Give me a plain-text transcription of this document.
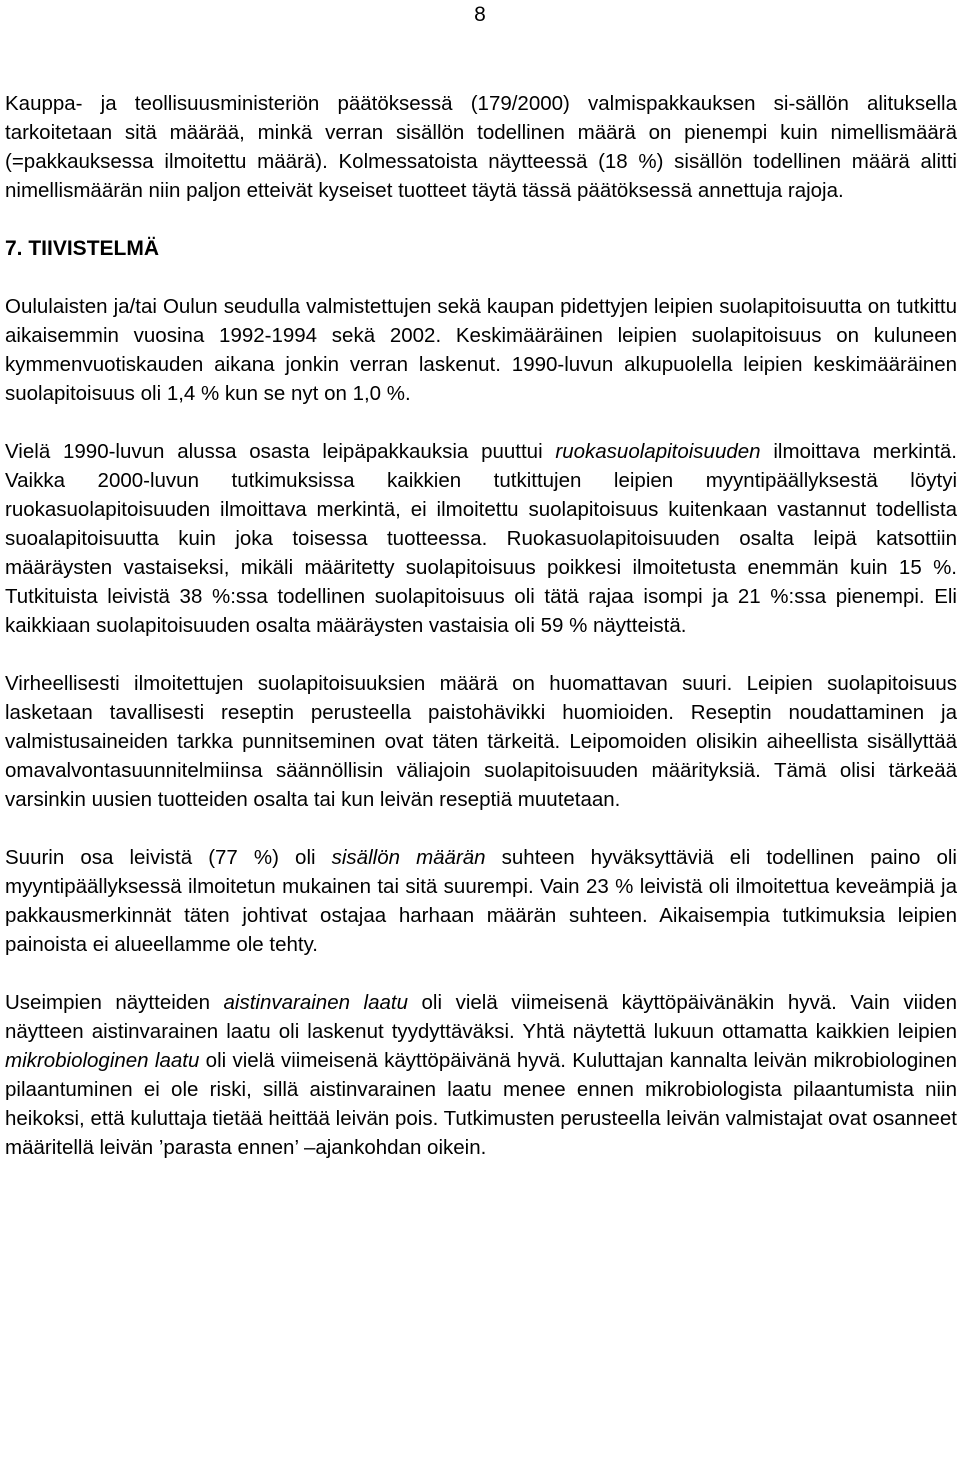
8

Kauppa- ja teollisuusministeriön päätöksessä (179/2000) valmispakkauksen si-sällön alituksella tarkoitetaan sitä määrää, minkä verran sisällön todellinen määrä on pienempi kuin nimellismäärä (=pakkauksessa ilmoitettu määrä). Kolmessatoista näytteessä (18 %) sisällön todellinen määrä alitti nimellismäärän niin paljon etteivät kyseiset tuotteet täytä tässä päätöksessä annettuja rajoja.

7. TIIVISTELMÄ

Oululaisten ja/tai Oulun seudulla valmistettujen sekä kaupan pidettyjen leipien suolapitoisuutta on tutkittu aikaisemmin vuosina 1992-1994 sekä 2002. Keskimääräinen leipien suolapitoisuus on kuluneen kymmenvuotiskauden aikana jonkin verran laskenut. 1990-luvun alkupuolella leipien keskimääräinen suolapitoisuus oli 1,4 % kun se nyt on 1,0 %.

Vielä 1990-luvun alussa osasta leipäpakkauksia puuttui ruokasuolapitoisuuden ilmoittava merkintä. Vaikka 2000-luvun tutkimuksissa kaikkien tutkittujen leipien myyntipäällyksestä löytyi ruokasuolapitoisuuden ilmoittava merkintä, ei ilmoitettu suolapitoisuus kuitenkaan vastannut todellista suoalapitoisuutta kuin joka toisessa tuotteessa. Ruokasuolapitoisuuden osalta leipä katsottiin määräysten vastaiseksi, mikäli määritetty suolapitoisuus poikkesi ilmoitetusta enemmän kuin 15 %. Tutkituista leivistä 38 %:ssa todellinen suolapitoisuus oli tätä rajaa isompi ja 21 %:ssa pienempi. Eli kaikkiaan suolapitoisuuden osalta määräysten vastaisia oli 59 % näytteistä.

Virheellisesti ilmoitettujen suolapitoisuuksien määrä on huomattavan suuri. Leipien suolapitoisuus lasketaan tavallisesti reseptin perusteella paistohävikki huomioiden. Reseptin noudattaminen ja valmistusaineiden tarkka punnitseminen ovat täten tärkeitä. Leipomoiden olisikin aiheellista sisällyttää omavalvontasuunnitelmiinsa säännöllisin väliajoin suolapitoisuuden määrityksiä. Tämä olisi tärkeää varsinkin uusien tuotteiden osalta tai kun leivän reseptiä muutetaan.

Suurin osa leivistä (77 %) oli sisällön määrän suhteen hyväksyttäviä eli todellinen paino oli myyntipäällyksessä ilmoitetun mukainen tai sitä suurempi. Vain 23 % leivistä oli ilmoitettua keveämpiä ja pakkausmerkinnät täten johtivat ostajaa harhaan määrän suhteen. Aikaisempia tutkimuksia leipien painoista ei alueellamme ole tehty.

Useimpien näytteiden aistinvarainen laatu oli vielä viimeisenä käyttöpäivänäkin hyvä. Vain viiden näytteen aistinvarainen laatu oli laskenut tyydyttäväksi. Yhtä näytettä lukuun ottamatta kaikkien leipien mikrobiologinen laatu oli vielä viimeisenä käyttöpäivänä hyvä. Kuluttajan kannalta leivän mikrobiologinen pilaantuminen ei ole riski, sillä aistinvarainen laatu menee ennen mikrobiologista pilaantumista niin heikoksi, että kuluttaja tietää heittää leivän pois. Tutkimusten perusteella leivän valmistajat ovat osanneet määritellä leivän ’parasta ennen’ –ajankohdan oikein.
